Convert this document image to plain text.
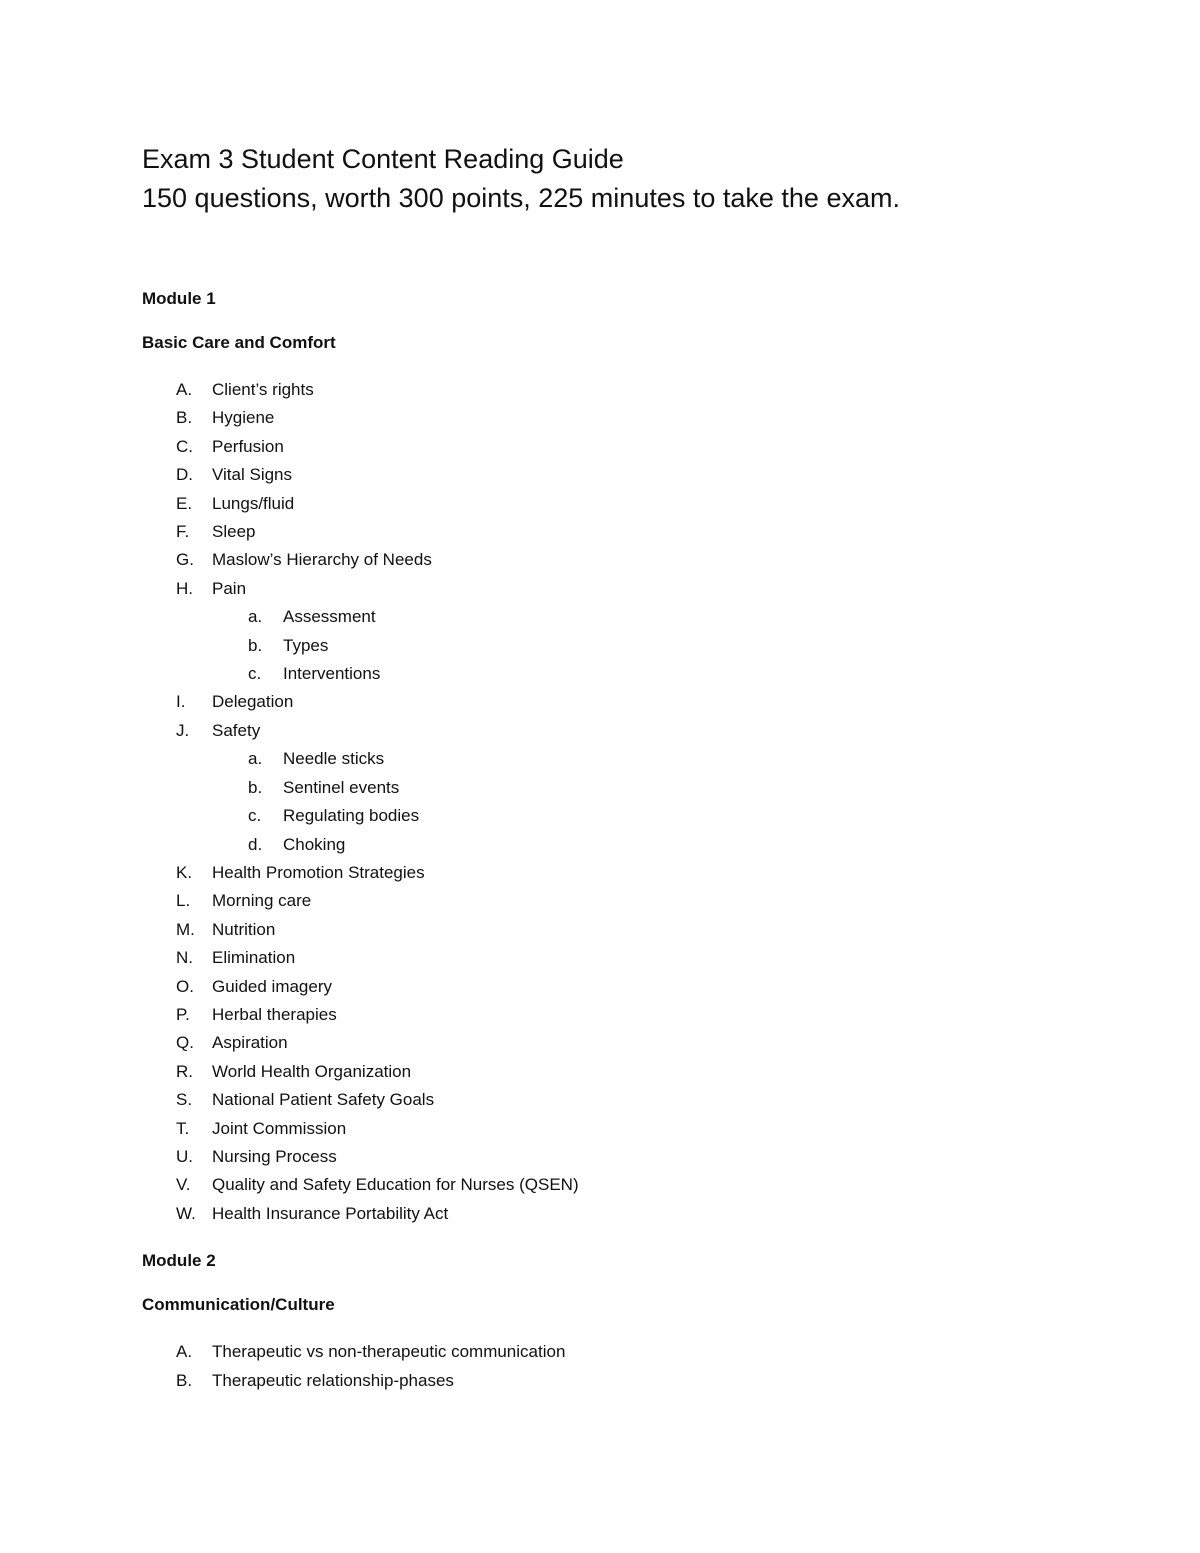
Exam 3 Student Content Reading Guide

150 questions, worth 300 points, 225 minutes to take the exam.

Module 1
Basic Care and Comfort
A. Client’s rights
B. Hygiene
C. Perfusion
D. Vital Signs
E. Lungs/fluid
F. Sleep
G. Maslow’s Hierarchy of Needs
H. Pain
a. Assessment
b. Types
c. Interventions
I. Delegation
J. Safety
a. Needle sticks
b. Sentinel events
c. Regulating bodies
d. Choking
K. Health Promotion Strategies
L. Morning care
M. Nutrition
N. Elimination
O. Guided imagery
P. Herbal therapies
Q. Aspiration
R. World Health Organization
S. National Patient Safety Goals
T. Joint Commission
U. Nursing Process
V. Quality and Safety Education for Nurses (QSEN)
W. Health Insurance Portability Act
Module 2
Communication/Culture
A. Therapeutic vs non-therapeutic communication
B. Therapeutic relationship-phases
